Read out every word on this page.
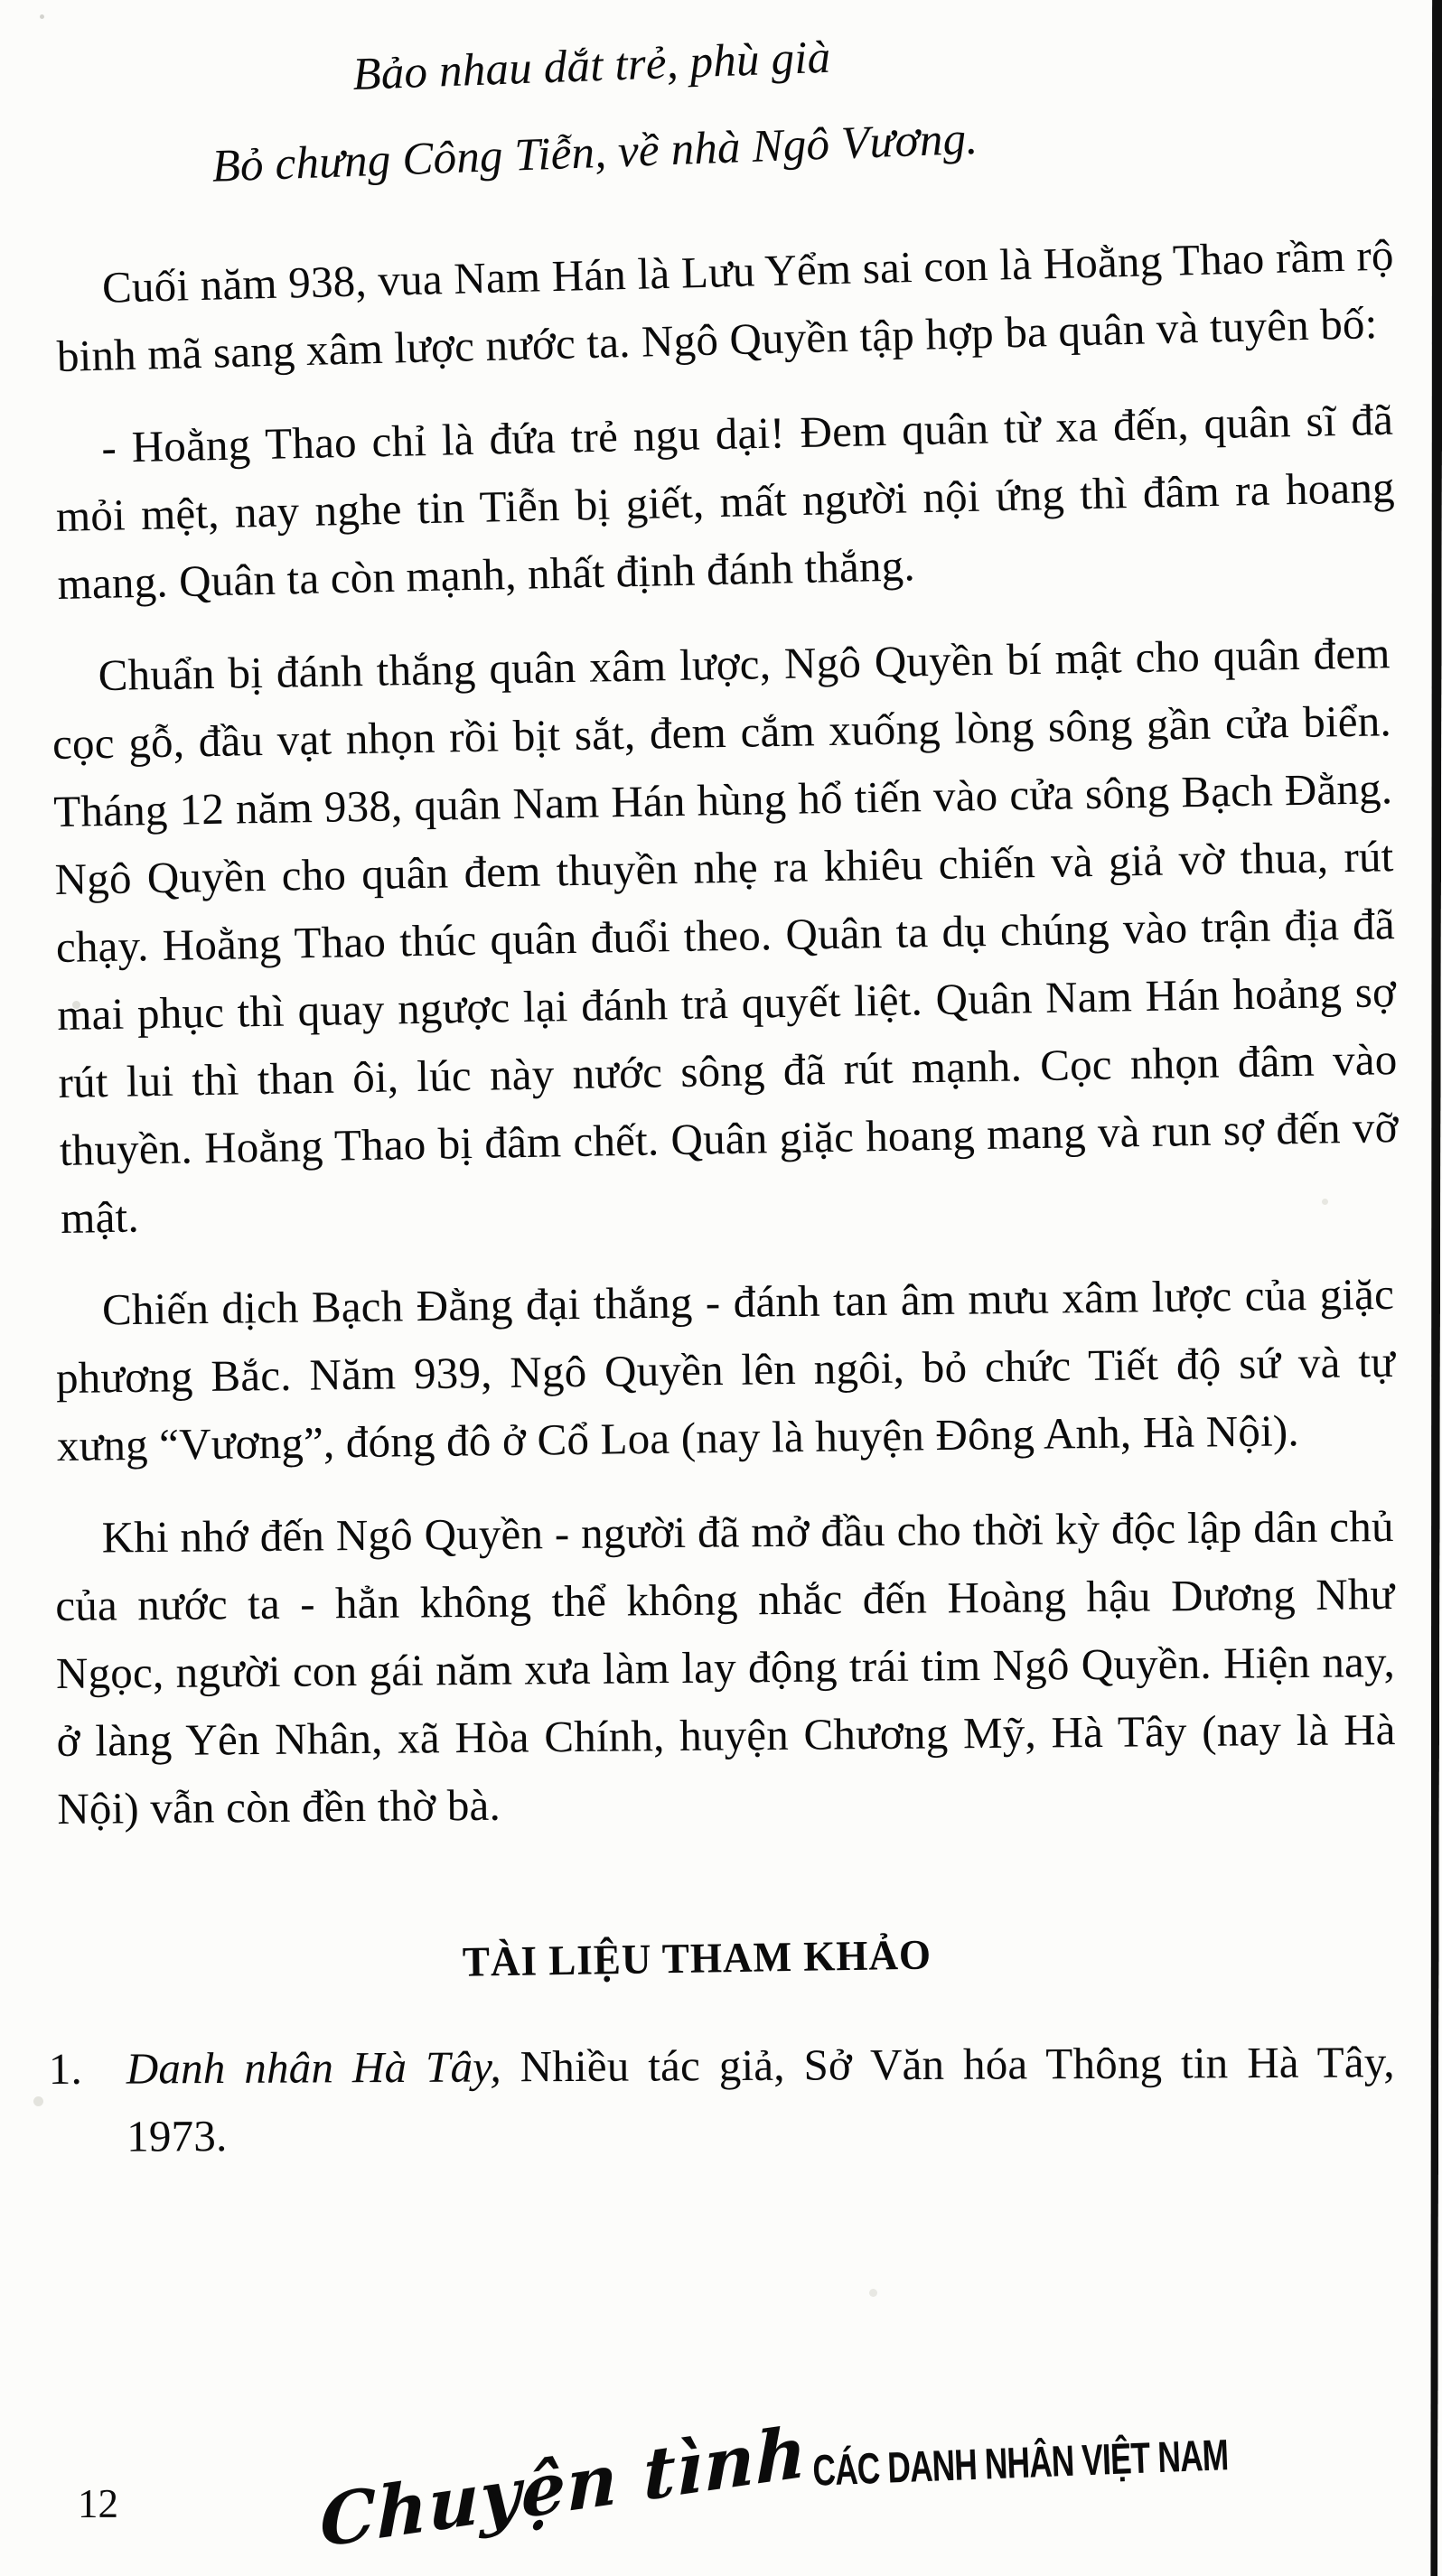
Bảo nhau dắt trẻ, phù già
Bỏ chưng Công Tiễn, về nhà Ngô Vương.

Cuối năm 938, vua Nam Hán là Lưu Yểm sai con là Hoằng Thao rầm rộ binh mã sang xâm lược nước ta. Ngô Quyền tập hợp ba quân và tuyên bố:

- Hoằng Thao chỉ là đứa trẻ ngu dại! Đem quân từ xa đến, quân sĩ đã mỏi mệt, nay nghe tin Tiễn bị giết, mất người nội ứng thì đâm ra hoang mang. Quân ta còn mạnh, nhất định đánh thắng.

Chuẩn bị đánh thắng quân xâm lược, Ngô Quyền bí mật cho quân đem cọc gỗ, đầu vạt nhọn rồi bịt sắt, đem cắm xuống lòng sông gần cửa biển. Tháng 12 năm 938, quân Nam Hán hùng hổ tiến vào cửa sông Bạch Đằng. Ngô Quyền cho quân đem thuyền nhẹ ra khiêu chiến và giả vờ thua, rút chạy. Hoằng Thao thúc quân đuổi theo. Quân ta dụ chúng vào trận địa đã mai phục thì quay ngược lại đánh trả quyết liệt. Quân Nam Hán hoảng sợ rút lui thì than ôi, lúc này nước sông đã rút mạnh. Cọc nhọn đâm vào thuyền. Hoằng Thao bị đâm chết. Quân giặc hoang mang và run sợ đến vỡ mật.

Chiến dịch Bạch Đằng đại thắng - đánh tan âm mưu xâm lược của giặc phương Bắc. Năm 939, Ngô Quyền lên ngôi, bỏ chức Tiết độ sứ và tự xưng “Vương”, đóng đô ở Cổ Loa (nay là huyện Đông Anh, Hà Nội).

Khi nhớ đến Ngô Quyền - người đã mở đầu cho thời kỳ độc lập dân chủ của nước ta - hẳn không thể không nhắc đến Hoàng hậu Dương Như Ngọc, người con gái năm xưa làm lay động trái tim Ngô Quyền. Hiện nay, ở làng Yên Nhân, xã Hòa Chính, huyện Chương Mỹ, Hà Tây (nay là Hà Nội) vẫn còn đền thờ bà.

TÀI LIỆU THAM KHẢO
1. Danh nhân Hà Tây, Nhiều tác giả, Sở Văn hóa Thông tin Hà Tây, 1973.
12	Chuyện tình CÁC DANH NHÂN VIỆT NAM
